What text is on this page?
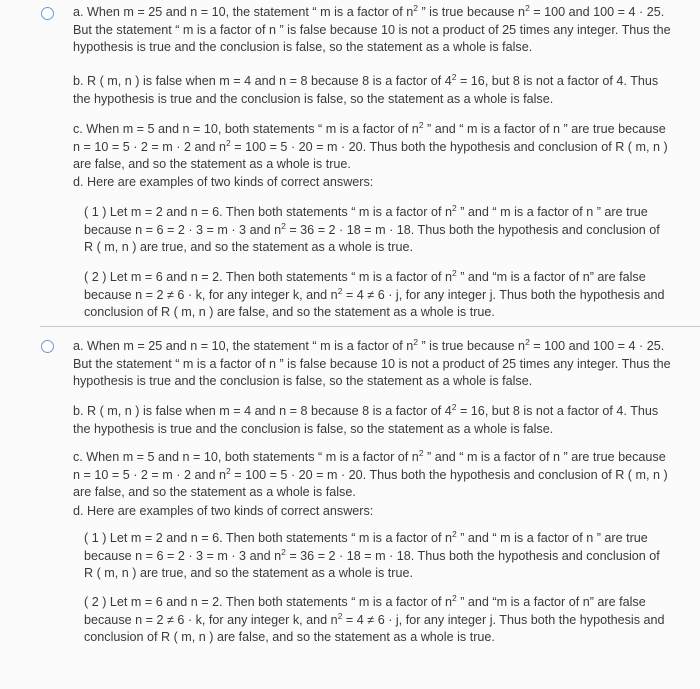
a. When m = 25 and n = 10, the statement “ m is a factor of $n^2$ ” is true because $n^2 = 100$ and 100 = 4 · 25. But the statement “ m is a factor of n ” is false because 10 is not a product of 25 times any integer. Thus the hypothesis is true and the conclusion is false, so the statement as a whole is false.

b. R ( m, n ) is false when m = 4 and n = 8 because 8 is a factor of $4^2 = 16$, but 8 is not a factor of 4. Thus the hypothesis is true and the conclusion is false, so the statement as a whole is false.

c. When m = 5 and n = 10, both statements “ m is a factor of $n^2$ ” and “ m is a factor of n ” are true because n = 10 = 5 · 2 = m · 2 and $n^2 = 100 = 5 \cdot 20 = m \cdot 20$. Thus both the hypothesis and conclusion of R ( m, n ) are false, and so the statement as a whole is true.

d. Here are examples of two kinds of correct answers:

( 1 ) Let m = 2 and n = 6. Then both statements “ m is a factor of $n^2$ ” and “ m is a factor of n ” are true because n = 6 = 2 · 3 = m · 3 and $n^2 = 36 = 2 \cdot 18 = m \cdot 18$. Thus both the hypothesis and conclusion of R ( m, n ) are true, and so the statement as a whole is true.

( 2 ) Let m = 6 and n = 2. Then both statements “ m is a factor of $n^2$ ” and “m is a factor of n” are false because n = 2 ≠ 6 · k, for any integer k, and $n^2 = 4 \ne 6 \cdot j$, for any integer j. Thus both the hypothesis and conclusion of R ( m, n ) are false, and so the statement as a whole is true.

a. When m = 25 and n = 10, the statement “ m is a factor of $n^2$ ” is true because $n^2 = 100$ and 100 = 4 · 25. But the statement “ m is a factor of n ” is false because 10 is not a product of 25 times any integer. Thus the hypothesis is true and the conclusion is false, so the statement as a whole is false.

b. R ( m, n ) is false when m = 4 and n = 8 because 8 is a factor of $4^2 = 16$, but 8 is not a factor of 4. Thus the hypothesis is true and the conclusion is false, so the statement as a whole is false.

c. When m = 5 and n = 10, both statements “ m is a factor of $n^2$ ” and “ m is a factor of n ” are true because n = 10 = 5 · 2 = m · 2 and $n^2 = 100 = 5 \cdot 20 = m \cdot 20$. Thus both the hypothesis and conclusion of R ( m, n ) are false, and so the statement as a whole is false.

d. Here are examples of two kinds of correct answers:

( 1 ) Let m = 2 and n = 6. Then both statements “ m is a factor of $n^2$ ” and “ m is a factor of n ” are true because n = 6 = 2 · 3 = m · 3 and $n^2 = 36 = 2 \cdot 18 = m \cdot 18$. Thus both the hypothesis and conclusion of R ( m, n ) are true, and so the statement as a whole is true.

( 2 ) Let m = 6 and n = 2. Then both statements “ m is a factor of $n^2$ ” and “m is a factor of n” are false because n = 2 ≠ 6 · k, for any integer k, and $n^2 = 4 \ne 6 \cdot j$, for any integer j. Thus both the hypothesis and conclusion of R ( m, n ) are false, and so the statement as a whole is true.
